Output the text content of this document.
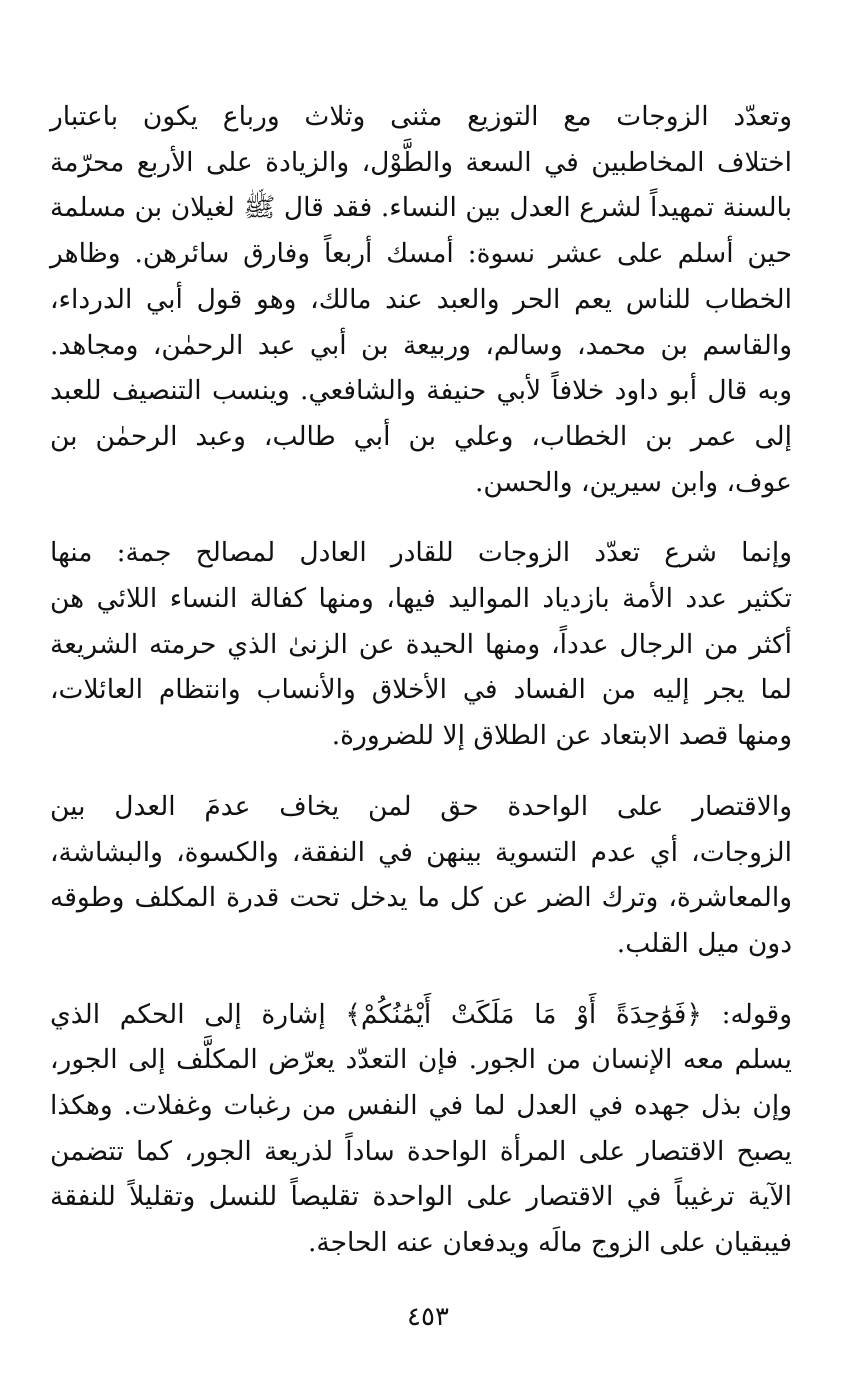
وتعدّد الزوجات مع التوزيع مثنى وثلاث ورباع يكون باعتبار
اختلاف المخاطبين في السعة والطَّوْل، والزيادة على الأربع محرّمة
بالسنة تمهيداً لشرع العدل بين النساء. فقد قال ﷺ لغيلان بن مسلمة
حين أسلم على عشر نسوة: أمسك أربعاً وفارق سائرهن. وظاهر
الخطاب للناس يعم الحر والعبد عند مالك، وهو قول أبي الدرداء،
والقاسم بن محمد، وسالم، وربيعة بن أبي عبد الرحمٰن، ومجاهد.
وبه قال أبو داود خلافاً لأبي حنيفة والشافعي. وينسب التنصيف للعبد
إلى عمر بن الخطاب، وعلي بن أبي طالب، وعبد الرحمٰن بن
عوف، وابن سيرين، والحسن.

وإنما شرع تعدّد الزوجات للقادر العادل لمصالح جمة: منها
تكثير عدد الأمة بازدياد المواليد فيها، ومنها كفالة النساء اللائي هن
أكثر من الرجال عدداً، ومنها الحيدة عن الزنىٰ الذي حرمته الشريعة
لما يجر إليه من الفساد في الأخلاق والأنساب وانتظام العائلات،
ومنها قصد الابتعاد عن الطلاق إلا للضرورة.

والاقتصار على الواحدة حق لمن يخاف عدمَ العدل بين
الزوجات، أي عدم التسوية بينهن في النفقة، والكسوة، والبشاشة،
والمعاشرة، وترك الضر عن كل ما يدخل تحت قدرة المكلف وطوقه
دون ميل القلب.

وقوله: ﴿فَوَٰحِدَةً أَوْ مَا مَلَكَتْ أَيْمَٰنُكُمْ﴾ إشارة إلى الحكم الذي
يسلم معه الإنسان من الجور. فإن التعدّد يعرّض المكلَّف إلى الجور،
وإن بذل جهده في العدل لما في النفس من رغبات وغفلات. وهكذا
يصبح الاقتصار على المرأة الواحدة ساداً لذريعة الجور، كما تتضمن
الآية ترغيباً في الاقتصار على الواحدة تقليصاً للنسل وتقليلاً للنفقة
فيبقيان على الزوج مالَه ويدفعان عنه الحاجة.

٤٥٣
